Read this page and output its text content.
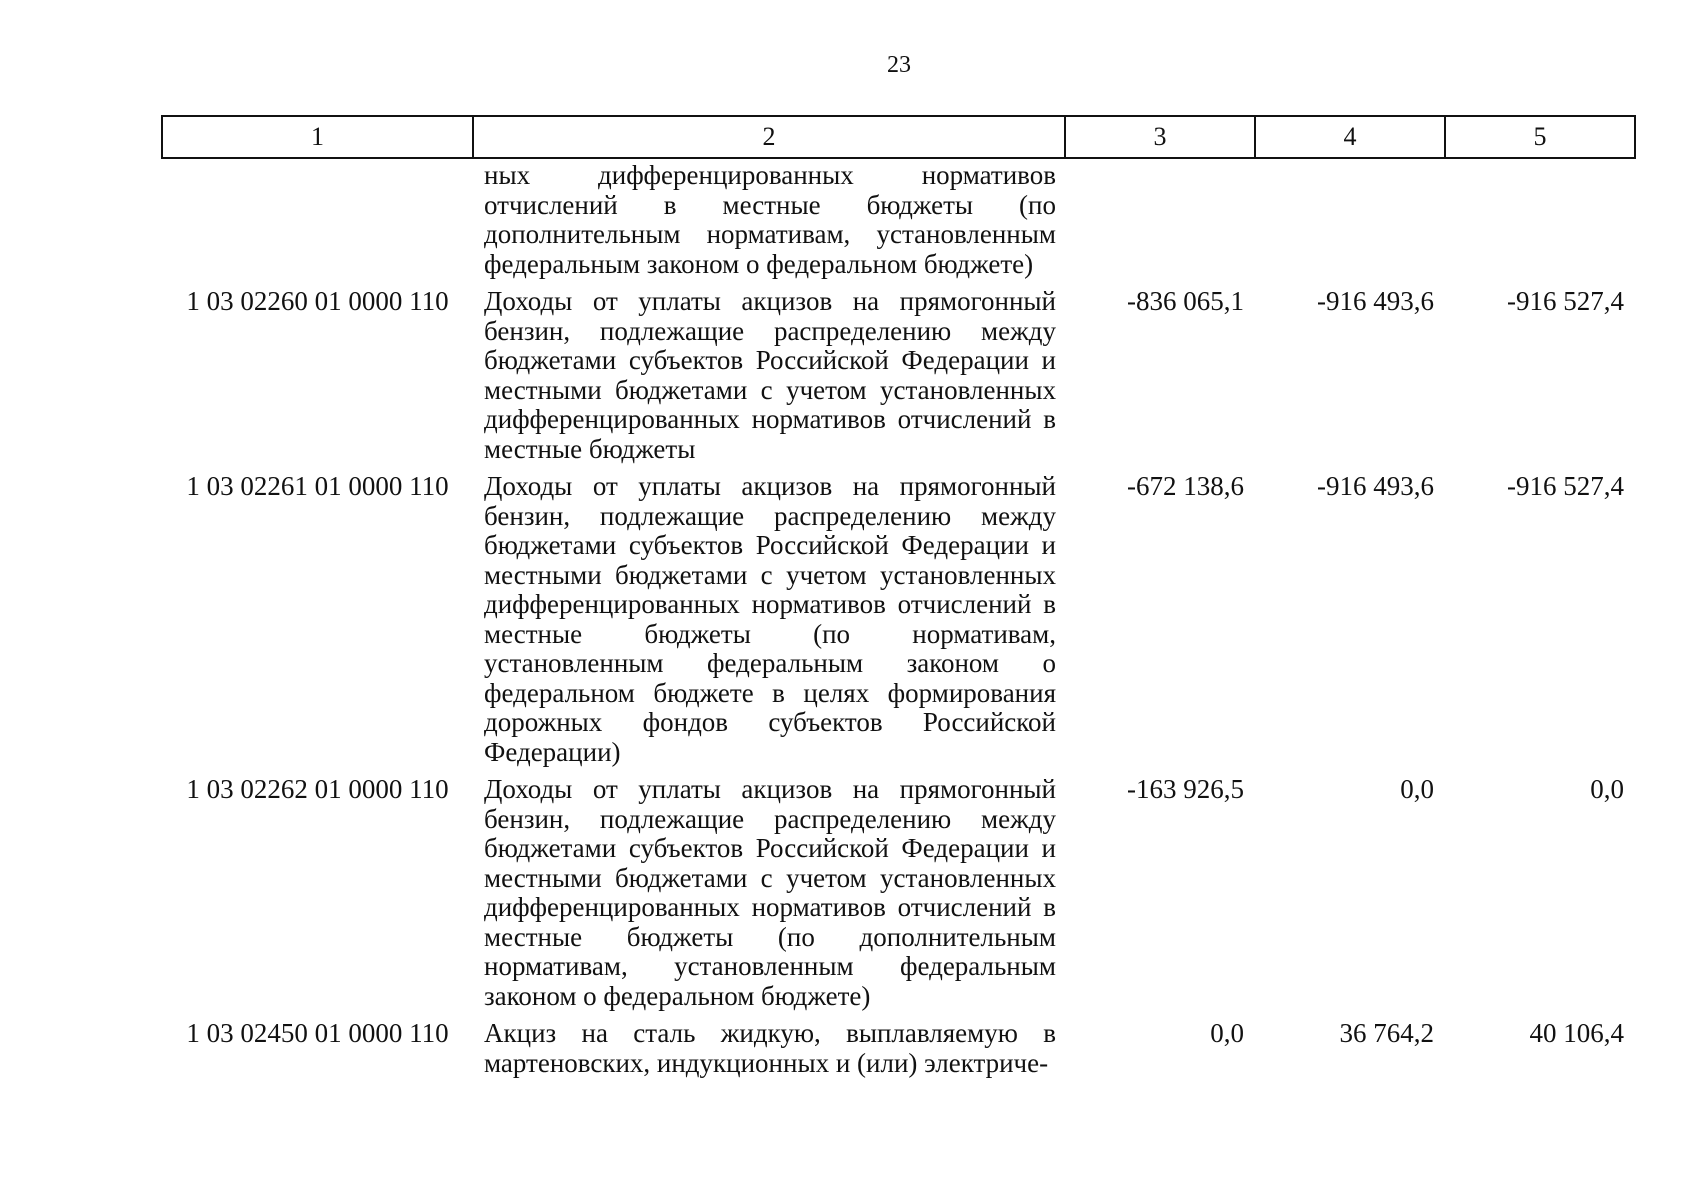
23
1	2	3	4	5
	ных дифференцированных нормативов отчислений в местные бюджеты (по дополнительным нормативам, установленным федеральным законом о федеральном бюджете)			
1 03 02260 01 0000 110	Доходы от уплаты акцизов на прямогонный бензин, подлежащие распределению между бюджетами субъектов Российской Федерации и местными бюджетами с учетом установленных дифференцированных нормативов отчислений в местные бюджеты	-836 065,1	-916 493,6	-916 527,4
1 03 02261 01 0000 110	Доходы от уплаты акцизов на прямогонный бензин, подлежащие распределению между бюджетами субъектов Российской Федерации и местными бюджетами с учетом установленных дифференцированных нормативов отчислений в местные бюджеты (по нормативам, установленным федеральным законом о федеральном бюджете в целях формирования дорожных фондов субъектов Российской Федерации)	-672 138,6	-916 493,6	-916 527,4
1 03 02262 01 0000 110	Доходы от уплаты акцизов на прямогонный бензин, подлежащие распределению между бюджетами субъектов Российской Федерации и местными бюджетами с учетом установленных дифференцированных нормативов отчислений в местные бюджеты (по дополнительным нормативам, установленным федеральным законом о федеральном бюджете)	-163 926,5	0,0	0,0
1 03 02450 01 0000 110	Акциз на сталь жидкую, выплавляемую в мартеновских, индукционных и (или) электриче-	0,0	36 764,2	40 106,4
